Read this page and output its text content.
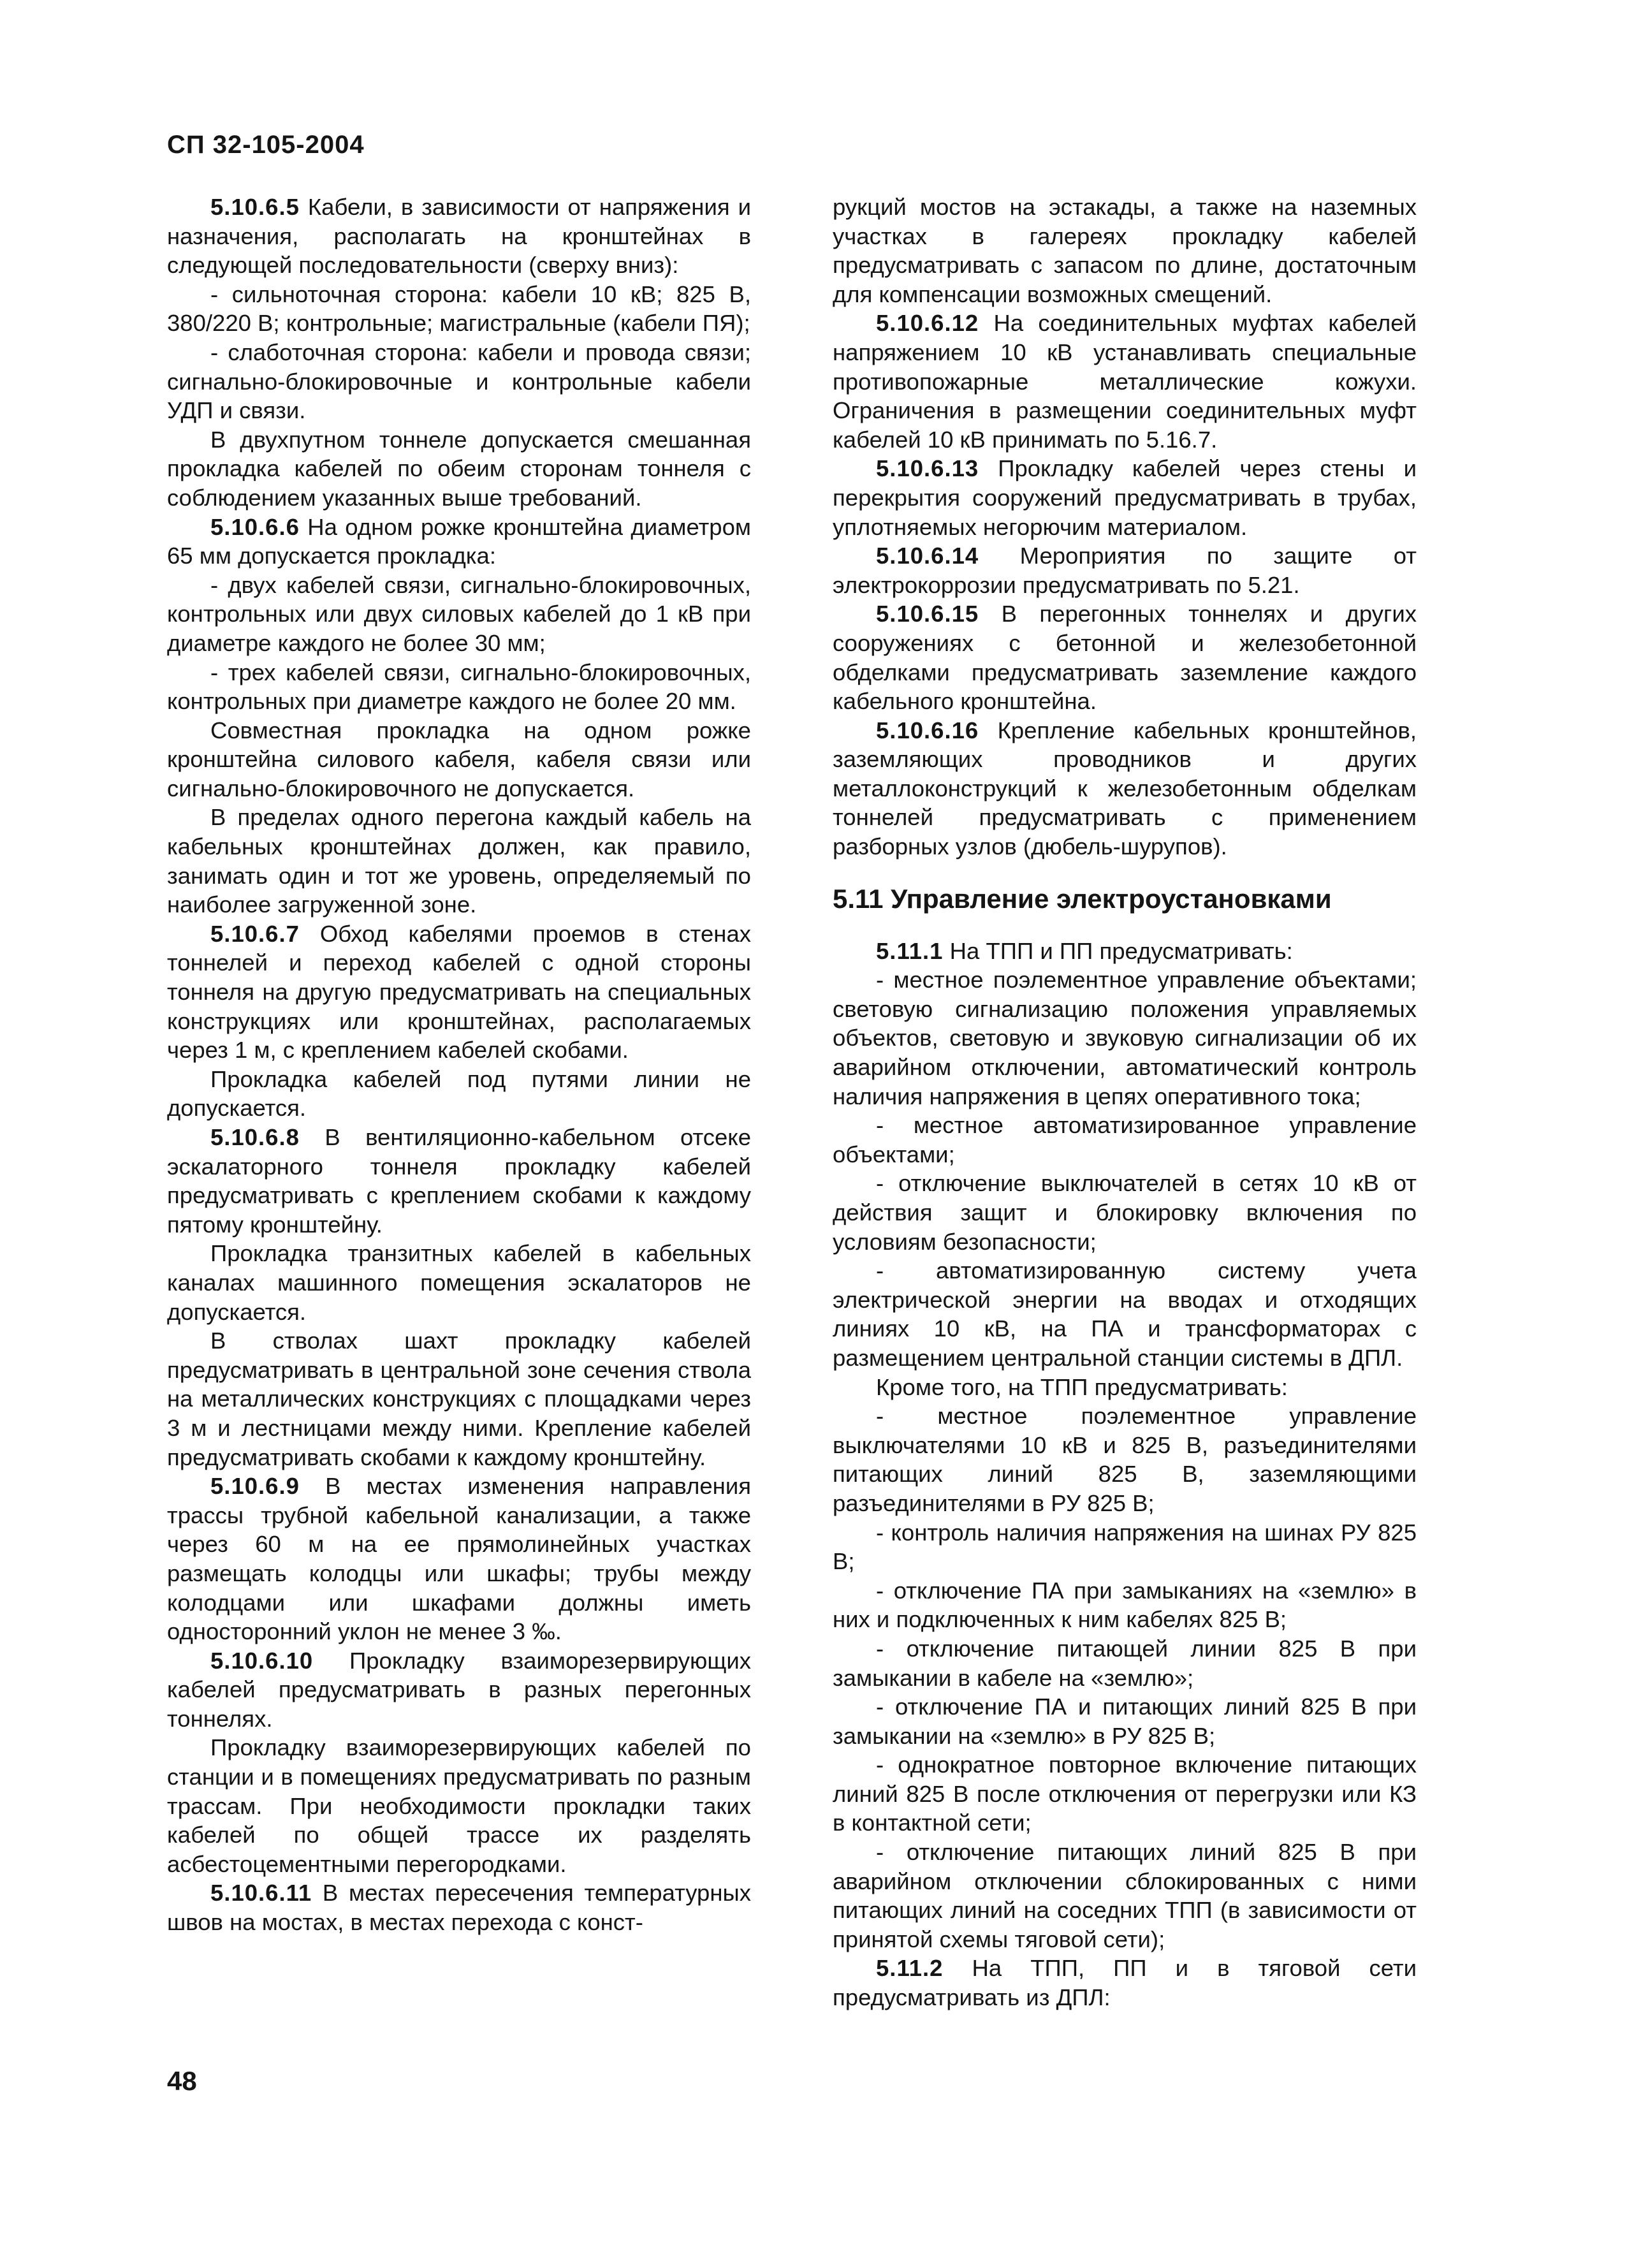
СП 32-105-2004

5.10.6.5 Кабели, в зависимости от напряжения и назначения, располагать на кронштейнах в следующей последовательности (сверху вниз):

- сильноточная сторона: кабели 10 кВ; 825 В, 380/220 В; контрольные; магистральные (кабели ПЯ);

- слаботочная сторона: кабели и провода связи; сигнально-блокировочные и контрольные кабели УДП и связи.

В двухпутном тоннеле допускается смешанная прокладка кабелей по обеим сторонам тоннеля с соблюдением указанных выше требований.

5.10.6.6 На одном рожке кронштейна диаметром 65 мм допускается прокладка:

- двух кабелей связи, сигнально-блокировочных, контрольных или двух силовых кабелей до 1 кВ при диаметре каждого не более 30 мм;

- трех кабелей связи, сигнально-блокировочных, контрольных при диаметре каждого не более 20 мм.

Совместная прокладка на одном рожке кронштейна силового кабеля, кабеля связи или сигнально-блокировочного не допускается.

В пределах одного перегона каждый кабель на кабельных кронштейнах должен, как правило, занимать один и тот же уровень, определяемый по наиболее загруженной зоне.

5.10.6.7 Обход кабелями проемов в стенах тоннелей и переход кабелей с одной стороны тоннеля на другую предусматривать на специальных конструкциях или кронштейнах, располагаемых через 1 м, с креплением кабелей скобами.

Прокладка кабелей под путями линии не допускается.

5.10.6.8 В вентиляционно-кабельном отсеке эскалаторного тоннеля прокладку кабелей предусматривать с креплением скобами к каждому пятому кронштейну.

Прокладка транзитных кабелей в кабельных каналах машинного помещения эскалаторов не допускается.

В стволах шахт прокладку кабелей предусматривать в центральной зоне сечения ствола на металлических конструкциях с площадками через 3 м и лестницами между ними. Крепление кабелей предусматривать скобами к каждому кронштейну.

5.10.6.9 В местах изменения направления трассы трубной кабельной канализации, а также через 60 м на ее прямолинейных участках размещать колодцы или шкафы; трубы между колодцами или шкафами должны иметь односторонний уклон не менее 3 ‰.

5.10.6.10 Прокладку взаиморезервирующих кабелей предусматривать в разных перегонных тоннелях.

Прокладку взаиморезервирующих кабелей по станции и в помещениях предусматривать по разным трассам. При необходимости прокладки таких кабелей по общей трассе их разделять асбестоцементными перегородками.

5.10.6.11 В местах пересечения температурных швов на мостах, в местах перехода с конст-

рукций мостов на эстакады, а также на наземных участках в галереях прокладку кабелей предусматривать с запасом по длине, достаточным для компенсации возможных смещений.

5.10.6.12 На соединительных муфтах кабелей напряжением 10 кВ устанавливать специальные противопожарные металлические кожухи. Ограничения в размещении соединительных муфт кабелей 10 кВ принимать по 5.16.7.

5.10.6.13 Прокладку кабелей через стены и перекрытия сооружений предусматривать в трубах, уплотняемых негорючим материалом.

5.10.6.14 Мероприятия по защите от электрокоррозии предусматривать по 5.21.

5.10.6.15 В перегонных тоннелях и других сооружениях с бетонной и железобетонной обделками предусматривать заземление каждого кабельного кронштейна.

5.10.6.16 Крепление кабельных кронштейнов, заземляющих проводников и других металлоконструкций к железобетонным обделкам тоннелей предусматривать с применением разборных узлов (дюбель-шурупов).

5.11 Управление электроустановками

5.11.1 На ТПП и ПП предусматривать:

- местное поэлементное управление объектами; световую сигнализацию положения управляемых объектов, световую и звуковую сигнализации об их аварийном отключении, автоматический контроль наличия напряжения в цепях оперативного тока;

- местное автоматизированное управление объектами;

- отключение выключателей в сетях 10 кВ от действия защит и блокировку включения по условиям безопасности;

- автоматизированную систему учета электрической энергии на вводах и отходящих линиях 10 кВ, на ПА и трансформаторах с размещением центральной станции системы в ДПЛ.

Кроме того, на ТПП предусматривать:

- местное поэлементное управление выключателями 10 кВ и 825 В, разъединителями питающих линий 825 В, заземляющими разъединителями в РУ 825 В;

- контроль наличия напряжения на шинах РУ 825 В;

- отключение ПА при замыканиях на «землю» в них и подключенных к ним кабелях 825 В;

- отключение питающей линии 825 В при замыкании в кабеле на «землю»;

- отключение ПА и питающих линий 825 В при замыкании на «землю» в РУ 825 В;

- однократное повторное включение питающих линий 825 В после отключения от перегрузки или КЗ в контактной сети;

- отключение питающих линий 825 В при аварийном отключении сблокированных с ними питающих линий на соседних ТПП (в зависимости от принятой схемы тяговой сети);

5.11.2 На ТПП, ПП и в тяговой сети предусматривать из ДПЛ:

48
